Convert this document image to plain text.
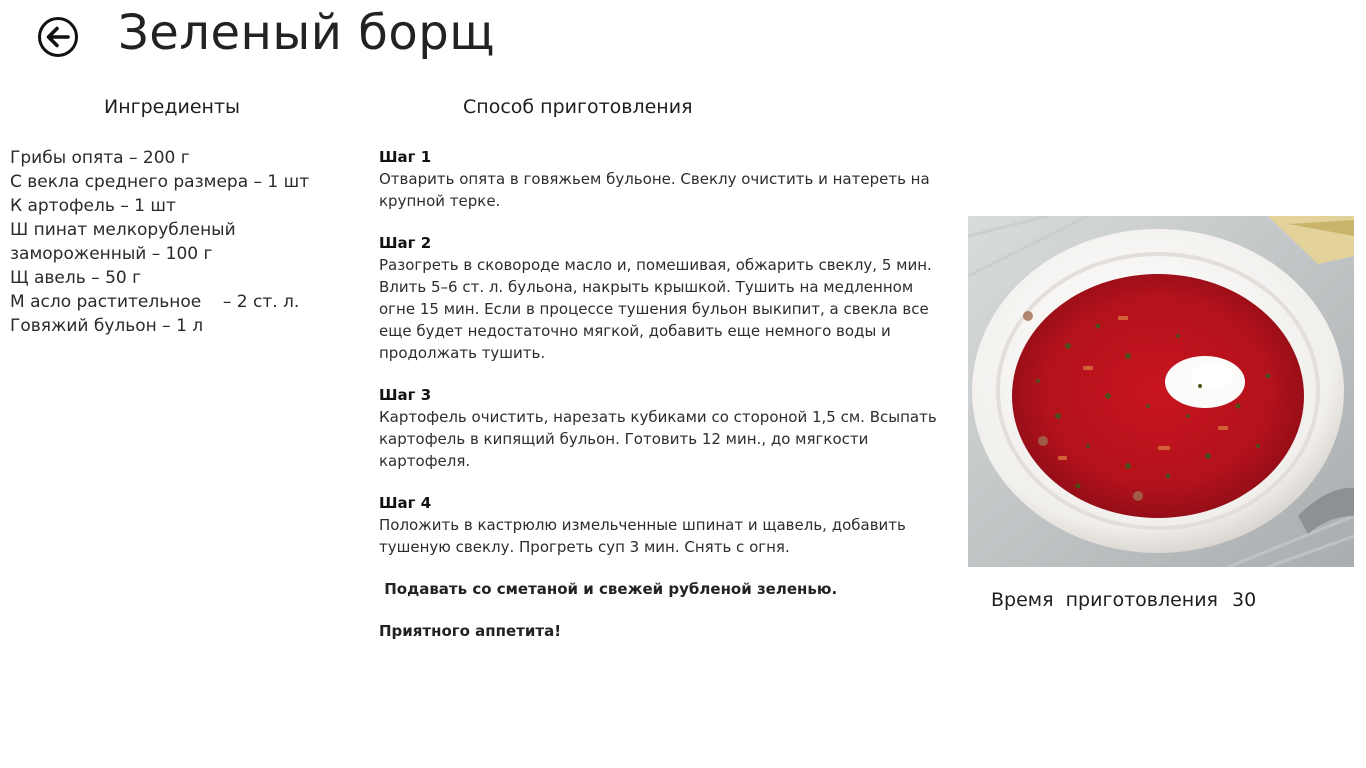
Зеленый борщ
Ингредиенты	Способ приготовления
Грибы опята – 200 г
С векла среднего размера – 1 шт
К артофель – 1 шт
Ш пинат мелкорубленый
замороженный – 100 г
Щ авель – 50 г
М асло растительное    – 2 ст. л.
Говяжий бульон – 1 л
Шаг 1
Отварить опята в говяжьем бульоне. Свеклу очистить и натереть на крупной терке.
Шаг 2
Разогреть в сковороде масло и, помешивая, обжарить свеклу, 5 мин. Влить 5–6 ст. л. бульона, накрыть крышкой. Тушить на медленном огне 15 мин. Если в процессе тушения бульон выкипит, а свекла все еще будет недостаточно мягкой, добавить еще немного воды и продолжать тушить.
Шаг 3
Картофель очистить, нарезать кубиками со стороной 1,5 см. Всыпать картофель в кипящий бульон. Готовить 12 мин., до мягкости картофеля.
Шаг 4
Положить в кастрюлю измельченные шпинат и щавель, добавить тушеную свеклу. Прогреть суп 3 мин. Снять с огня.

Подавать со сметаной и свежей рубленой зеленью.

Приятного аппетита!

Время  приготовления 30
